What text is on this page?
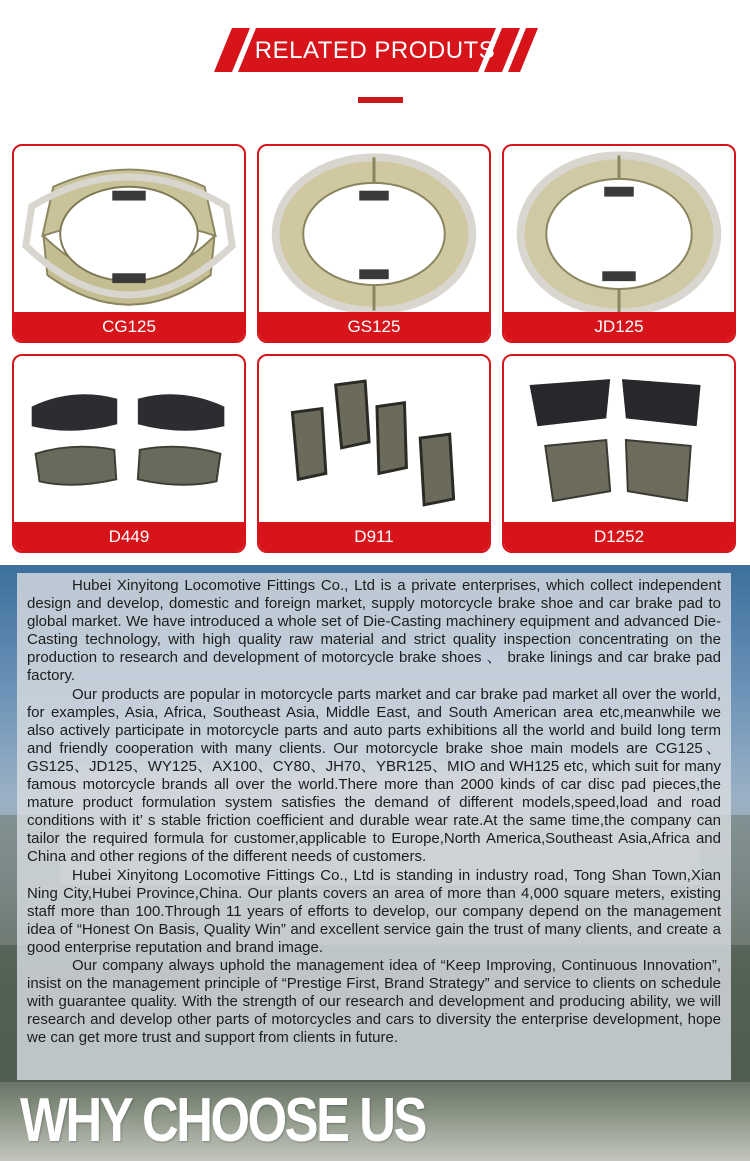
RELATED PRODUTS
CG125	GS125	JD125
D449	D911	D1252

Hubei Xinyitong Locomotive Fittings Co., Ltd is a private enterprises, which collect independent design and develop, domestic and foreign market, supply motorcycle brake shoe and car brake pad to global market. We have introduced a whole set of Die-Casting machinery equipment and advanced Die-Casting technology, with high quality raw material and strict quality inspection concentrating on the production to research and development of motorcycle brake shoes 、 brake linings and car brake pad factory.

Our products are popular in motorcycle parts market and car brake pad market all over the world, for examples, Asia, Africa, Southeast Asia, Middle East, and South American area etc,meanwhile we also actively participate in motorcycle parts and auto parts exhibitions all the world and build long term and friendly cooperation with many clients. Our motorcycle brake shoe main models are CG125、GS125、JD125、WY125、AX100、CY80、JH70、YBR125、MIO and WH125 etc, which suit for many famous motorcycle brands all over the world.There more than 2000 kinds of car disc pad pieces,the mature product formulation system satisfies the demand of different models,speed,load and road conditions with it’ s stable friction coefficient and durable wear rate.At the same time,the company can tailor the required formula for customer,applicable to Europe,North America,Southeast Asia,Africa and China and other regions of the different needs of customers.

Hubei Xinyitong Locomotive Fittings Co., Ltd is standing in industry road, Tong Shan Town,Xian Ning City,Hubei Province,China. Our plants covers an area of more than 4,000 square meters, existing staff more than 100.Through 11 years of efforts to develop, our company depend on the management idea of “Honest On Basis, Quality Win” and excellent service gain the trust of many clients, and create a good enterprise reputation and brand image.

Our company always uphold the management idea of “Keep Improving, Continuous Innovation”, insist on the management principle of “Prestige First, Brand Strategy” and service to clients on schedule with guarantee quality. With the strength of our research and development and producing ability, we will research and develop other parts of motorcycles and cars to diversity the enterprise development, hope we can get more trust and support from clients in future.

WHY CHOOSE US
